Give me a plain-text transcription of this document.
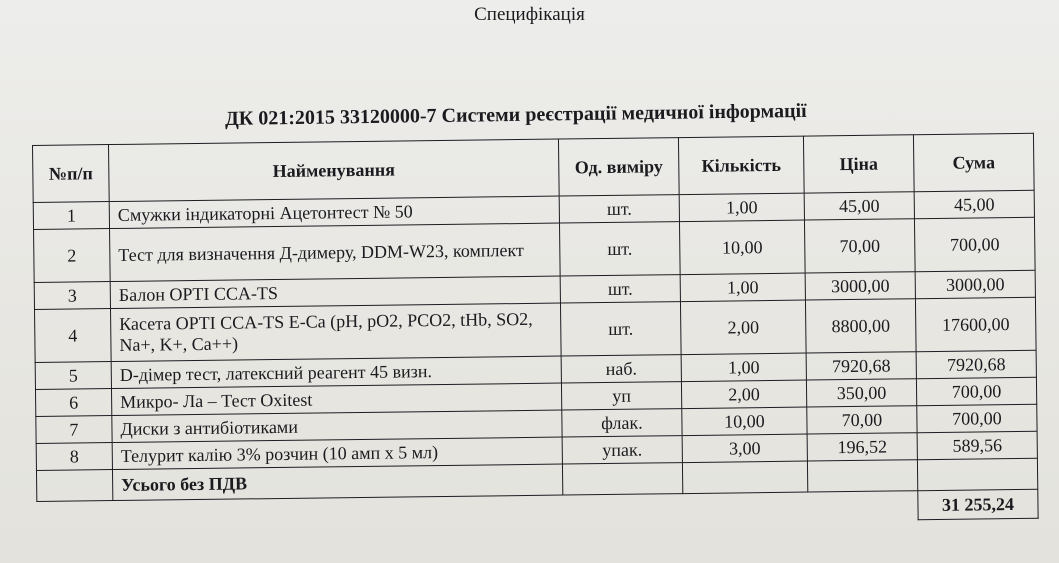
Специфікація
ДК 021:2015 33120000-7 Системи реєстрації медичної інформації
№п/п	Найменування	Од. виміру	Кількість	Ціна	Сума
1	Смужки індикаторні Ацетонтест № 50	шт.	1,00	45,00	45,00
2	Тест для визначення Д-димеру, DDM-W23, комплект	шт.	10,00	70,00	700,00
3	Балон OPTI CCA-TS	шт.	1,00	3000,00	3000,00
4	Касета OPTI CCA-TS E-Ca (pH, pO2, PCO2, tHb, SO2, Na+, K+, Ca++)	шт.	2,00	8800,00	17600,00
5	D-дімер тест, латексний реагент 45 визн.	наб.	1,00	7920,68	7920,68
6	Микро- Ла – Тест Oxitest	уп	2,00	350,00	700,00
7	Диски з антибіотиками	флак.	10,00	70,00	700,00
8	Телурит калію 3% розчин (10 амп х 5 мл)	упак.	3,00	196,52	589,56
	Усього без ПДВ				
					31 255,24
